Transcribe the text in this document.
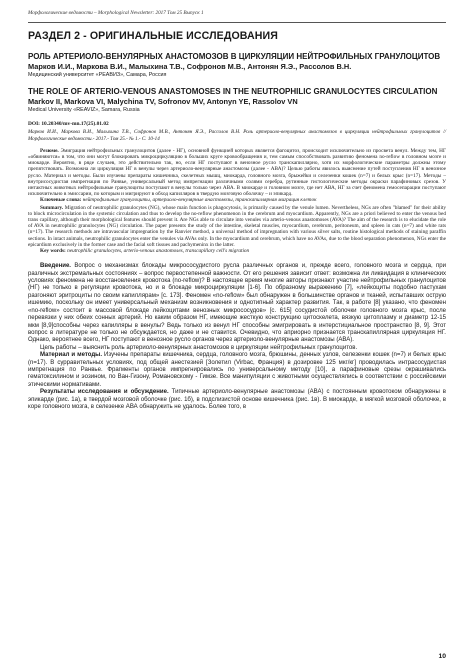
Морфологические ведомости – Morphological Newsletter: 2017 Том 25 Выпуск 1
РАЗДЕЛ 2 - ОРИГИНАЛЬНЫЕ ИССЛЕДОВАНИЯ
РОЛЬ АРТЕРИОЛО-ВЕНУЛЯРНЫХ АНАСТОМОЗОВ В ЦИРКУЛЯЦИИ НЕЙТРОФИЛЬНЫХ ГРАНУЛОЦИТОВ
Марков И.И., Маркова В.И., Малыхина Т.В., Софронов М.В., Антонян Я.Э., Рассолов В.Н.
Медицинский университет «РЕАВИЗ», Самара, Россия
THE ROLE OF ARTERIO-VENOUS ANASTOMOSES IN THE NEUTROPHILIC GRANULOCYTES CIRCULATION
Markov II, Markova VI, Malychina TV, Sofronov MV, Antonyn YE, Rassolov VN
Medical University «REAVIZ», Samara, Russia
DOI: 10.20340/mv-mn.17(25).01.02
Марков И.И., Маркова В.И., Малыхина Т.В., Софронов М.В., Антонян Я.Э., Рассолов В.Н. Роль артериоло-венулярных анастомозов в циркуляции нейтрофильных гранулоцитов // Морфологические ведомости.- 2017.- Том 25.- № 1.- С. 10-14
Резюме. Эмиграция нейтрофильных гранулоцитов (далее - НГ), основной функцией которых является фагоцитоз, происходит исключительно из просвета венул. Между тем, НГ «обвиняются» в том, что они могут блокировать микроциркуляцию в больших круге кровообращения и, тем самым способствовать развитию феномена no-reflow в головном мозге и миокарде. Вероятно, в ряде случаев, это действительно так, но, если НГ поступают в венозное русло транскапиллярно, хотя их морфологические параметры должны этому препятствовать. Возможна ли циркуляция НГ в венулы через артериоло-венулярные анастомозы (далее - АВА)? Целью работы явилось выяснение путей поступления НГ в венозное русло. Материал и методы. Были изучены препараты кишечника, скелетных мышц, миокарда, головного мозга, брыжейки и селезенки кошек (n=7) и белых крыс (n=17). Методы – внутрисосудистая импрегнация по Ранвье, универсальный метод импрегнации различными солями серебра, рутинные гистологические методы окраски парафиновых срезов. У интактных животных нейтрофильные гранулоциты поступают в венулы только через АВА. В миокарде и головном мозге, где нет АВА, НГ за счет феномена гемосепарации поступают исключительно в эмиссарии, по которым и мигрируют в обход капилляров в твердую мозговую оболочку – и эпикард.
Ключевые слова: нейтрофильные гранулоциты, артериоло-венулярные анастомозы, транскапиллярная миграция клеток
Summary. Migration of neutrophilic granulocytes (NG), whose main function is phagocytosis, is primarily caused by the venule lumen. Nevertheless, NGs are often "blamed" for their ability to block microcirculation in the systemic circulation and thus to develop the no-reflow phenomenon in the cerebrum and myocardium. Apparently, NGs are a priori believed to enter the venous bed trans capillary, although their morphological features should prevent it. Are NGs able to circulate into venules via arterio-venous anastomoses (AVA)? The aim of the research is to elucidate the role of AVA in neutrophilic granulocytes (NG) circulation. The paper presents the study of the intestine, skeletal muscles, myocardium, cerebrum, peritoneum, and spleen in cats (n=7) and white rats (n=17). The research methods are intravascular impregnation by the Ranvier method, a universal method of impregnation with various silver salts, routine histological methods of staining paraffin sections. In intact animals, neutrophilic granulocytes enter the venules via AVAs only. In the myocardium and cerebrum, which have no AVAs, due to the blood separation phenomenon, NGs enter the epicardium exclusively in the former case and the facial soft tissues and pachymeninx in the latter.
Key words: neutrophilic granulocytes, arterio-venous anastomoses, transcapillary cell's migration

Введение. Вопрос о механизмах блокады микрососудистого русла различных органов и, прежде всего, головного мозга и сердца, при различных экстремальных состояниях – вопрос первостепенной важности. От его решения зависит ответ: возможна ли ликвидация в клинических условиях феномена не восстановления кровотока (no-reflow)? В настоящее время многие авторы признают участие нейтрофильных гранулоцитов (НГ) не только в регуляции кровотока, но и в блокаде микроциркуляции [1-6]. По образному выражению [7], «лейкоциты подобно пастухам разгоняют эритроциты по своим капиллярам» [с. 173]. Феномен «no-reflow» был обнаружен в большинстве органов и тканей, испытавших острую ишемию, поскольку он имеет универсальный механизм возникновения и однотипный характер развития. Так, в работе [8] указано, что феномен «no-reflow» состоит в массовой блокаде лейкоцитами венозных микрососудов» [с. 615] сосудистой оболочки головного мозга крыс, после перевязки у них обеих сонных артерий. Но каким образом НГ, имеющие жесткую конструкцию цитоскелета, вязкую цитоплазму и диаметр 12-15 мкм [8,9]способны через капилляры в венулы? Ведь только из венул НГ способны эмигрировать в интерстициальное пространство [8, 9]. Этот вопрос в литературе не только не обсуждается, но даже и не ставится. Очевидно, что априорно признается транскапиллярная циркуляция НГ. Однако, вероятнее всего, НГ поступают в венозное русло органов через артериоло-венулярные анастомозы (АВА).

Цель работы – выяснить роль артериоло-венулярных анастомозов в циркуляции нейтрофильных гранулоцитов.

Материал и методы. Изучены препараты кишечника, сердца, головного мозга, брюшины, денных узлов, селезенки кошек (n=7) и белых крыс (n=17). В сурравительных условиях, под общей анестезией [Золетил (Virbac, Франция) в дозировке 125 мкг/кг] проводилась интрасосудистая импрегнация по Ранвье. Фрагменты органов импрегнировались по универсальному методу [10], а парафиновые срезы окрашивались гематоксилином и эозином, по Ван-Гизону, Романовскому - Гимзе. Все манипуляции с животными осуществлялись в соответствии с российскими этическими нормативами.

Результаты исследования и обсуждение. Типичные артериоло-венулярные анастомозы (АВА) с постоянным кровотоком обнаружены в эпикарде (рис. 1а), в твердой мозговой оболочке (рис. 1б), в подслизистой основе кишечника (рис. 1в). В миокарде, в мягкой мозговой оболочке, в коре головного мозга, в селезенке АВА обнаружить не удалось. Более того, в

10
